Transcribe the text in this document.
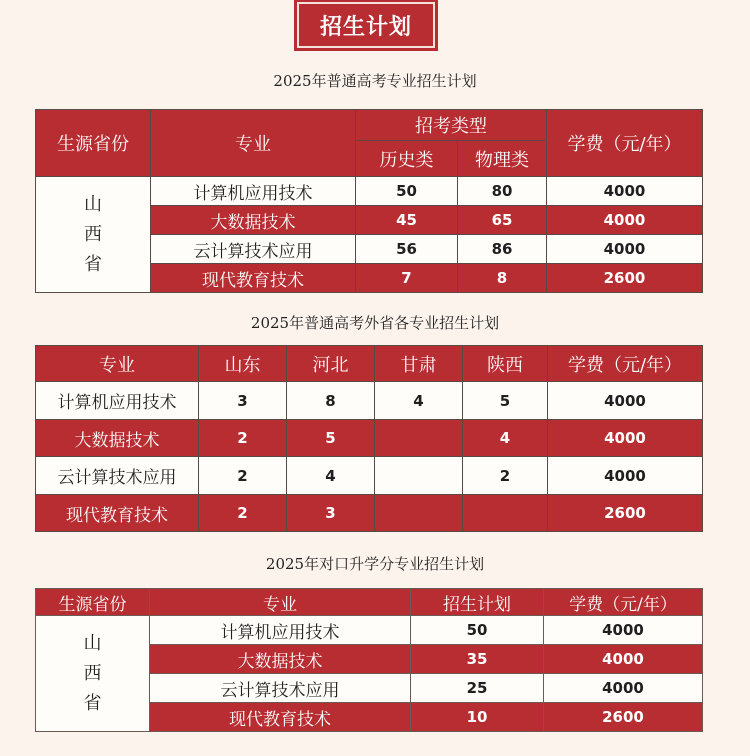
招生计划
2025年普通高考专业招生计划
生源省份	专业	招考类型		学费（元/年）
		历史类	物理类	

山
西
省	计算机应用技术	50	80	4000
	大数据技术	45	65	4000
	云计算技术应用	56	86	4000
	现代教育技术	7	8	2600
2025年普通高考外省各专业招生计划
专业	山东	河北	甘肃	陕西	学费（元/年）
计算机应用技术	3	8	4	5	4000
大数据技术	2	5		4	4000
云计算技术应用	2	4		2	4000
现代教育技术	2	3			2600
2025年对口升学分专业招生计划
生源省份	专业	招生计划	学费（元/年）

山
西
省	计算机应用技术	50	4000
	大数据技术	35	4000
	云计算技术应用	25	4000
	现代教育技术	10	2600
